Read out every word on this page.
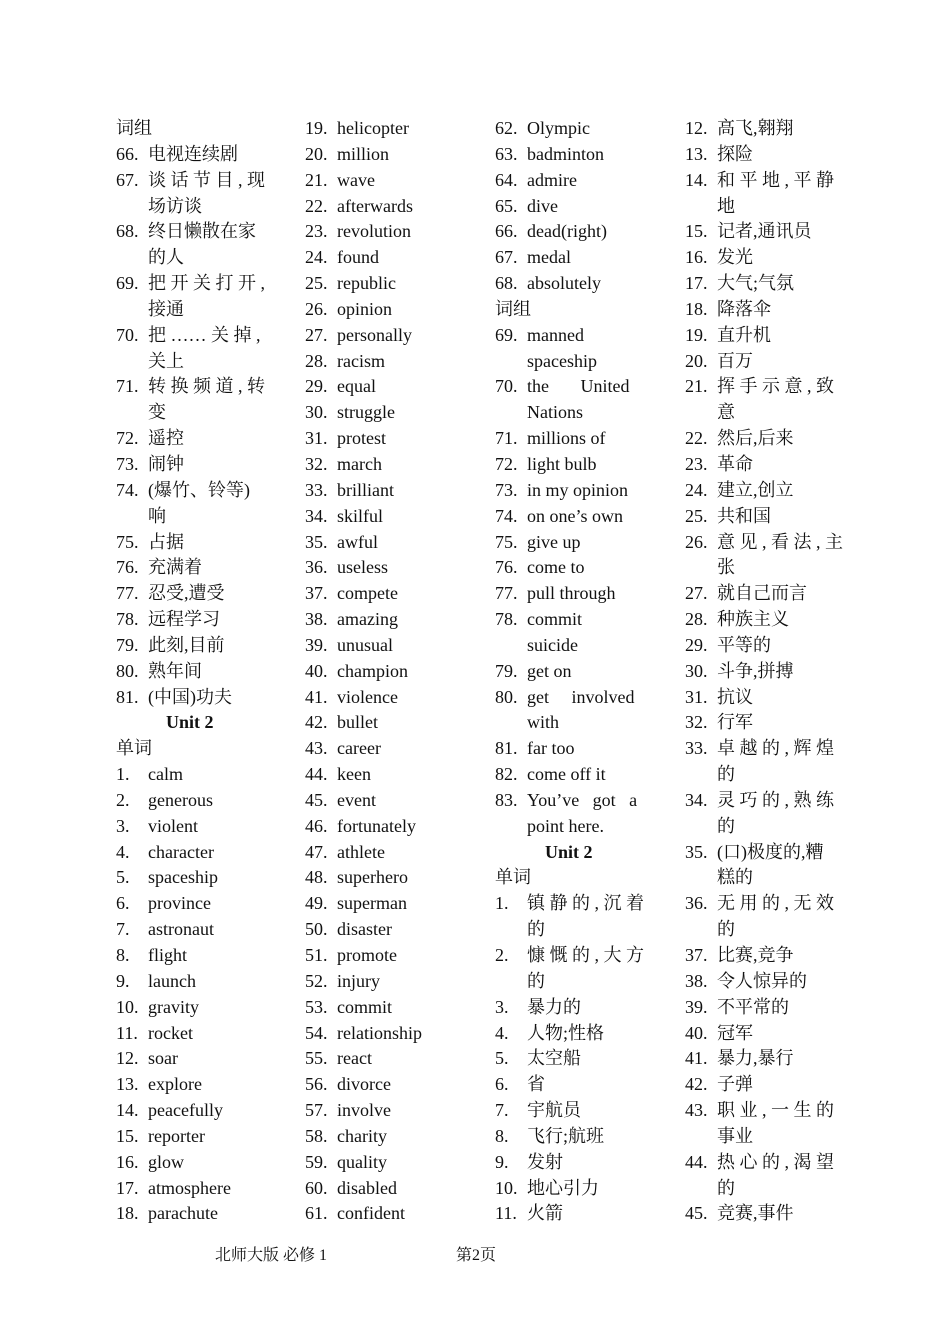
词组
66. 电视连续剧
67. 谈 话 节 目 , 现
场访谈
68. 终日懒散在家
的人
69. 把 开 关 打 开 ,
接通
70. 把 …… 关 掉 ,
关上
71. 转 换 频 道 , 转
变
72. 遥控
73. 闹钟
74. (爆竹、铃等)
响
75. 占据
76. 充满着
77. 忍受,遭受
78. 远程学习
79. 此刻,目前
80. 熟年间
81. (中国)功夫
Unit 2
单词
1.	calm
2.	generous
3.	violent
4.	character
5.	spaceship
6.	province
7.	astronaut
8.	flight
9.	launch
10. gravity
11. rocket
12. soar
13. explore
14. peacefully
15. reporter
16. glow
17. atmosphere
18. parachute
19. helicopter
20. million
21. wave
22. afterwards
23. revolution
24. found
25. republic
26. opinion
27. personally
28. racism
29. equal
30. struggle
31. protest
32. march
33. brilliant
34. skilful
35. awful
36. useless
37. compete
38. amazing
39. unusual
40. champion
41. violence
42. bullet
43. career
44. keen
45. event
46. fortunately
47. athlete
48. superhero
49. superman
50. disaster
51. promote
52. injury
53. commit
54. relationship
55. react
56. divorce
57. involve
58. charity
59. quality
60. disabled
61. confident
62. Olympic
63. badminton
64. admire
65. dive
66. dead(right)
67. medal
68. absolutely
词组
69. manned
spaceship
70. the       United
Nations
71. millions of
72. light bulb
73. in my opinion
74. on one’s own
75. give up
76. come to
77. pull through
78. commit
suicide
79. get on
80. get     involved
with
81. far too
82. come off it
83. You’ve   got   a
point here.
Unit 2
单词
1.	镇 静 的 , 沉 着
的
2.	慷 慨 的 , 大 方
的
3.	暴力的
4.	人物;性格
5.	太空船
6.	省
7.	宇航员
8.	飞行;航班
9.	发射
10. 地心引力
11. 火箭
12. 高飞,翱翔
13. 探险
14. 和 平 地 , 平 静
地
15. 记者,通讯员
16. 发光
17. 大气;气氛
18. 降落伞
19. 直升机
20. 百万
21. 挥 手 示 意 , 致
意
22. 然后,后来
23. 革命
24. 建立,创立
25. 共和国
26. 意 见 , 看 法 , 主
张
27. 就自己而言
28. 种族主义
29. 平等的
30. 斗争,拼搏
31. 抗议
32. 行军
33. 卓 越 的 , 辉 煌
的
34. 灵 巧 的 , 熟 练
的
35. (口)极度的,糟
糕的
36. 无 用 的 , 无 效
的
37. 比赛,竞争
38. 令人惊异的
39. 不平常的
40. 冠军
41. 暴力,暴行
42. 子弹
43. 职 业 , 一 生 的
事业
44. 热 心 的 , 渴 望
的
45. 竞赛,事件
北师大版 必修 1	第2页
